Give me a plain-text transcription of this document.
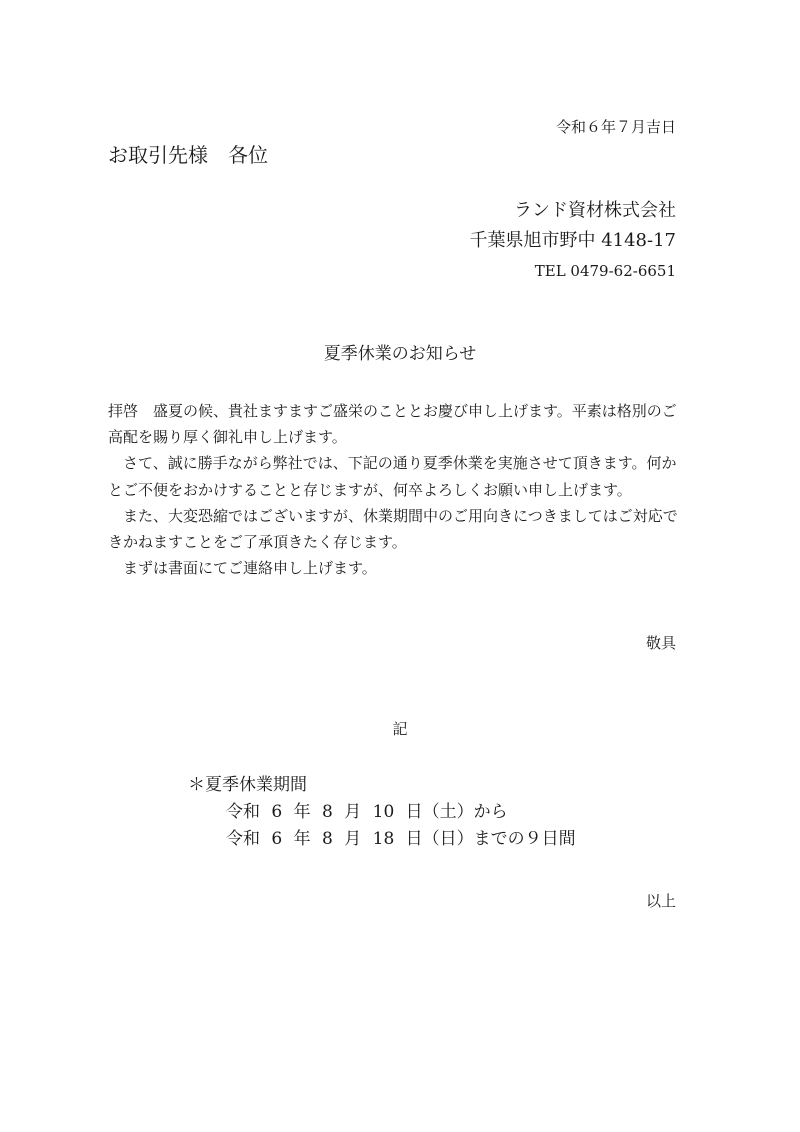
令和６年７月吉日
お取引先様　各位
ランド資材株式会社
千葉県旭市野中 4148-17
TEL 0479-62-6651
夏季休業のお知らせ

拝啓　盛夏の候、貴社ますますご盛栄のこととお慶び申し上げます。平素は格別のご高配を賜り厚く御礼申し上げます。

さて、誠に勝手ながら弊社では、下記の通り夏季休業を実施させて頂きます。何かとご不便をおかけすることと存じますが、何卒よろしくお願い申し上げます。

また、大変恐縮ではございますが、休業期間中のご用向きにつきましてはご対応できかねますことをご了承頂きたく存じます。

まずは書面にてご連絡申し上げます。

敬具
記
＊夏季休業期間
令和 6 年 8 月 10 日（土）から
令和 6 年 8 月 18 日（日）までの９日間
以上
